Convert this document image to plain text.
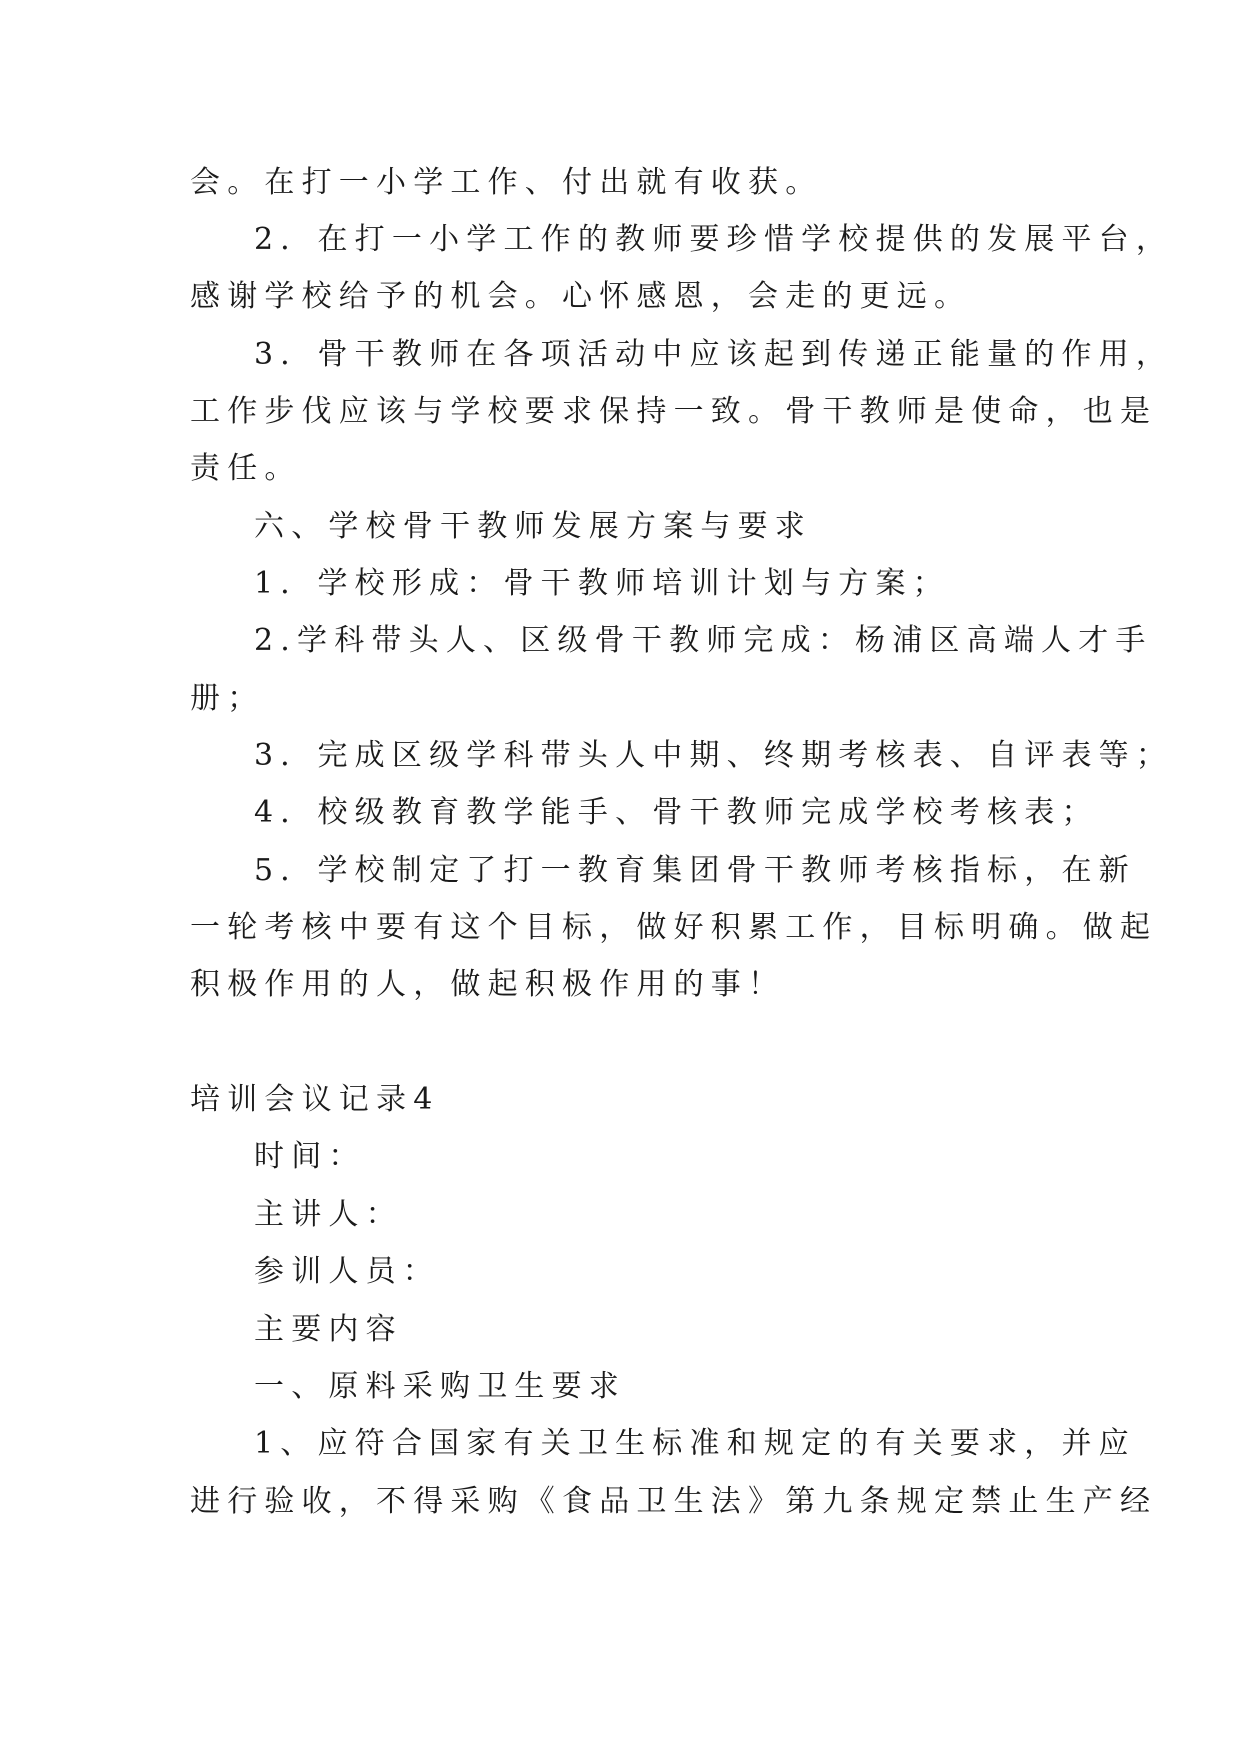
会。在打一小学工作、付出就有收获。
2．在打一小学工作的教师要珍惜学校提供的发展平台，
感谢学校给予的机会。心怀感恩，会走的更远。
3．骨干教师在各项活动中应该起到传递正能量的作用，
工作步伐应该与学校要求保持一致。骨干教师是使命，也是
责任。
六、学校骨干教师发展方案与要求
1．学校形成：骨干教师培训计划与方案；
2.学科带头人、区级骨干教师完成：杨浦区高端人才手
册；
3．完成区级学科带头人中期、终期考核表、自评表等；
4．校级教育教学能手、骨干教师完成学校考核表；
5．学校制定了打一教育集团骨干教师考核指标，在新
一轮考核中要有这个目标，做好积累工作，目标明确。做起
积极作用的人，做起积极作用的事！
培训会议记录4
时间：
主讲人：
参训人员：
主要内容
一、原料采购卫生要求
1、应符合国家有关卫生标准和规定的有关要求，并应
进行验收，不得采购《食品卫生法》第九条规定禁止生产经
